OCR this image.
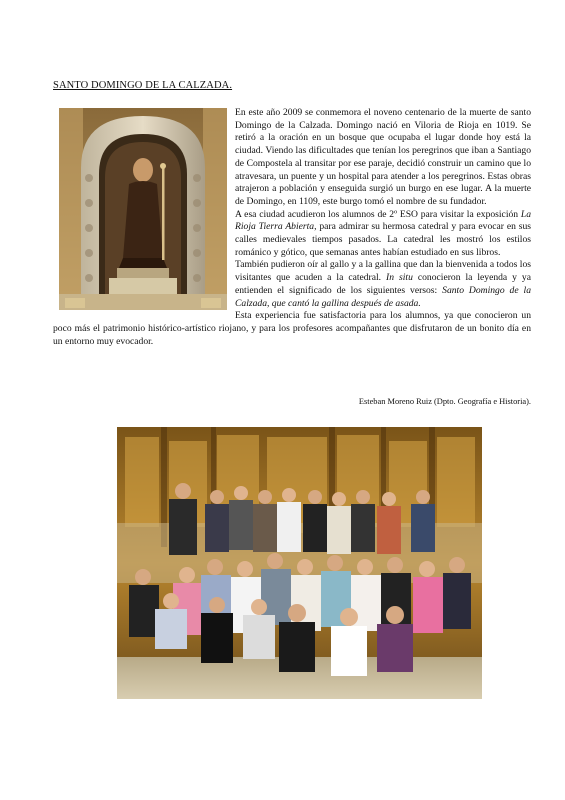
SANTO DOMINGO DE LA CALZADA.

En este año 2009 se conmemora el noveno centenario de la muerte de santo Domingo de la Calzada. Domingo nació en Viloria de Rioja en 1019. Se retiró a la oración en un bosque que ocupaba el lugar donde hoy está la ciudad. Viendo las dificultades que tenían los peregrinos que iban a Santiago de Compostela al transitar por ese paraje, decidió construir un camino que lo atravesara, un puente y un hospital para atender a los peregrinos. Estas obras atrajeron a población y enseguida surgió un burgo en ese lugar. A la muerte de Domingo, en 1109, este burgo tomó el nombre de su fundador.

A esa ciudad acudieron los alumnos de 2º ESO para visitar la exposición La Rioja Tierra Abierta, para admirar su hermosa catedral y para evocar en sus calles medievales tiempos pasados. La catedral les mostró los estilos románico y gótico, que semanas antes habían estudiado en sus libros.

También pudieron oír al gallo y a la gallina que dan la bienvenida a todos los visitantes que acuden a la catedral. In situ conocieron la leyenda y ya entienden el significado de los siguientes versos: Santo Domingo de la Calzada, que cantó la gallina después de asada.

Esta experiencia fue satisfactoria para los alumnos, ya que conocieron un poco más el patrimonio histórico-artístico riojano, y para los profesores acompañantes que disfrutaron de un bonito día en un entorno muy evocador.

Esteban Moreno Ruiz (Dpto. Geografía e Historia).
